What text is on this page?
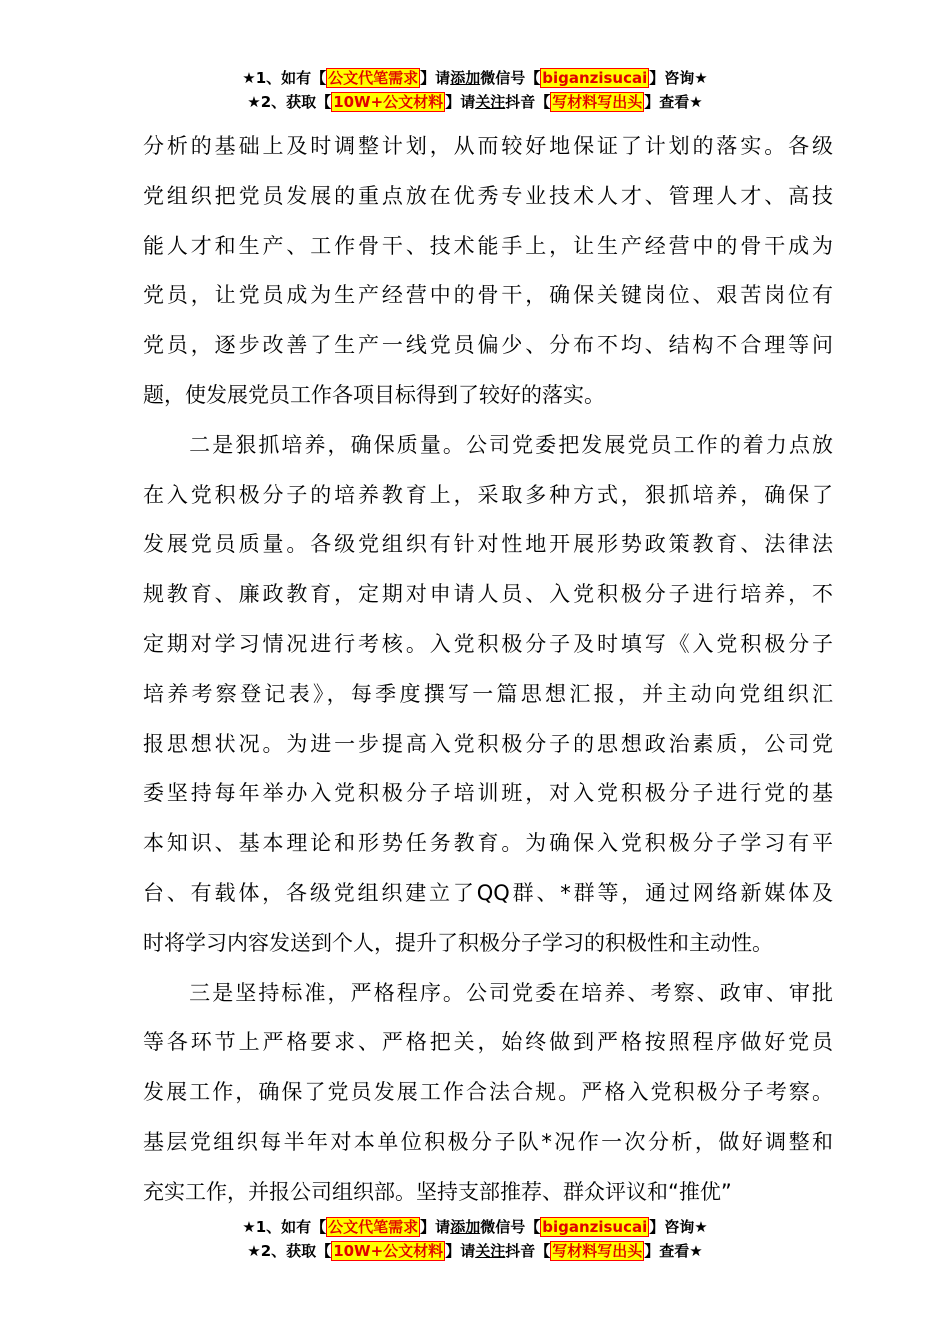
★1、如有【 公文代笔需求 】请添加微信号【 biganzisucai 】咨询★
★2、获取【 10W+公文材料 】请关注抖音【 写材料写出头 】查看★
分析的基础上及时调整计划，从而较好地保证了计划的落实。各级
党组织把党员发展的重点放在优秀专业技术人才、管理人才、高技
能人才和生产、工作骨干、技术能手上，让生产经营中的骨干成为
党员，让党员成为生产经营中的骨干，确保关键岗位、艰苦岗位有
党员，逐步改善了生产一线党员偏少、分布不均、结构不合理等问
题，使发展党员工作各项目标得到了较好的落实。
　　二是狠抓培养，确保质量。公司党委把发展党员工作的着力点放
在入党积极分子的培养教育上，采取多种方式，狠抓培养，确保了
发展党员质量。各级党组织有针对性地开展形势政策教育、法律法
规教育、廉政教育，定期对申请人员、入党积极分子进行培养，不
定期对学习情况进行考核。入党积极分子及时填写《入党积极分子
培养考察登记表》，每季度撰写一篇思想汇报，并主动向党组织汇
报思想状况。为进一步提高入党积极分子的思想政治素质，公司党
委坚持每年举办入党积极分子培训班，对入党积极分子进行党的基
本知识、基本理论和形势任务教育。为确保入党积极分子学习有平
台、有载体，各级党组织建立了QQ群、*群等，通过网络新媒体及
时将学习内容发送到个人，提升了积极分子学习的积极性和主动性。
　　三是坚持标准，严格程序。公司党委在培养、考察、政审、审批
等各环节上严格要求、严格把关，始终做到严格按照程序做好党员
发展工作，确保了党员发展工作合法合规。严格入党积极分子考察。
基层党组织每半年对本单位积极分子队*况作一次分析，做好调整和
充实工作，并报公司组织部。坚持支部推荐、群众评议和“推优”
★1、如有【 公文代笔需求 】请添加微信号【 biganzisucai 】咨询★
★2、获取【 10W+公文材料 】请关注抖音【 写材料写出头 】查看★
